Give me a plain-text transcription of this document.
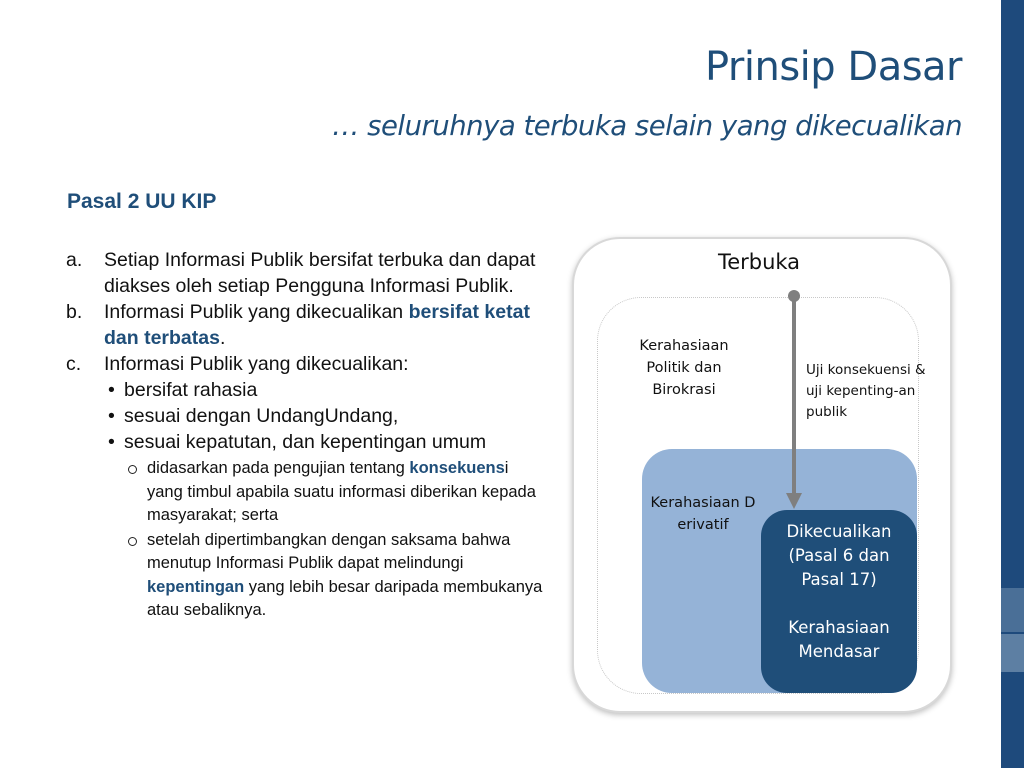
Prinsip Dasar
… seluruhnya terbuka selain yang dikecualikan
Pasal 2 UU KIP
a. Setiap Informasi Publik bersifat terbuka dan dapat diakses oleh setiap Pengguna Informasi Publik.
b. Informasi Publik yang dikecualikan bersifat ketat dan terbatas.
c. Informasi Publik yang dikecualikan:
• bersifat rahasia
• sesuai dengan UndangUndang,
• sesuai kepatutan, dan kepentingan umum
didasarkan pada pengujian tentang konsekuensi yang timbul apabila suatu informasi diberikan kepada masyarakat; serta
setelah dipertimbangkan dengan saksama bahwa menutup Informasi Publik dapat melindungi kepentingan yang lebih besar daripada membukanya atau sebaliknya.
Terbuka
Kerahasiaan Politik dan Birokrasi
Uji konsekuensi & uji kepenting-an publik
Kerahasiaan Derivatif	Dikecualikan
(Pasal 6 dan
Pasal 17)
Kerahasiaan
Mendasar
